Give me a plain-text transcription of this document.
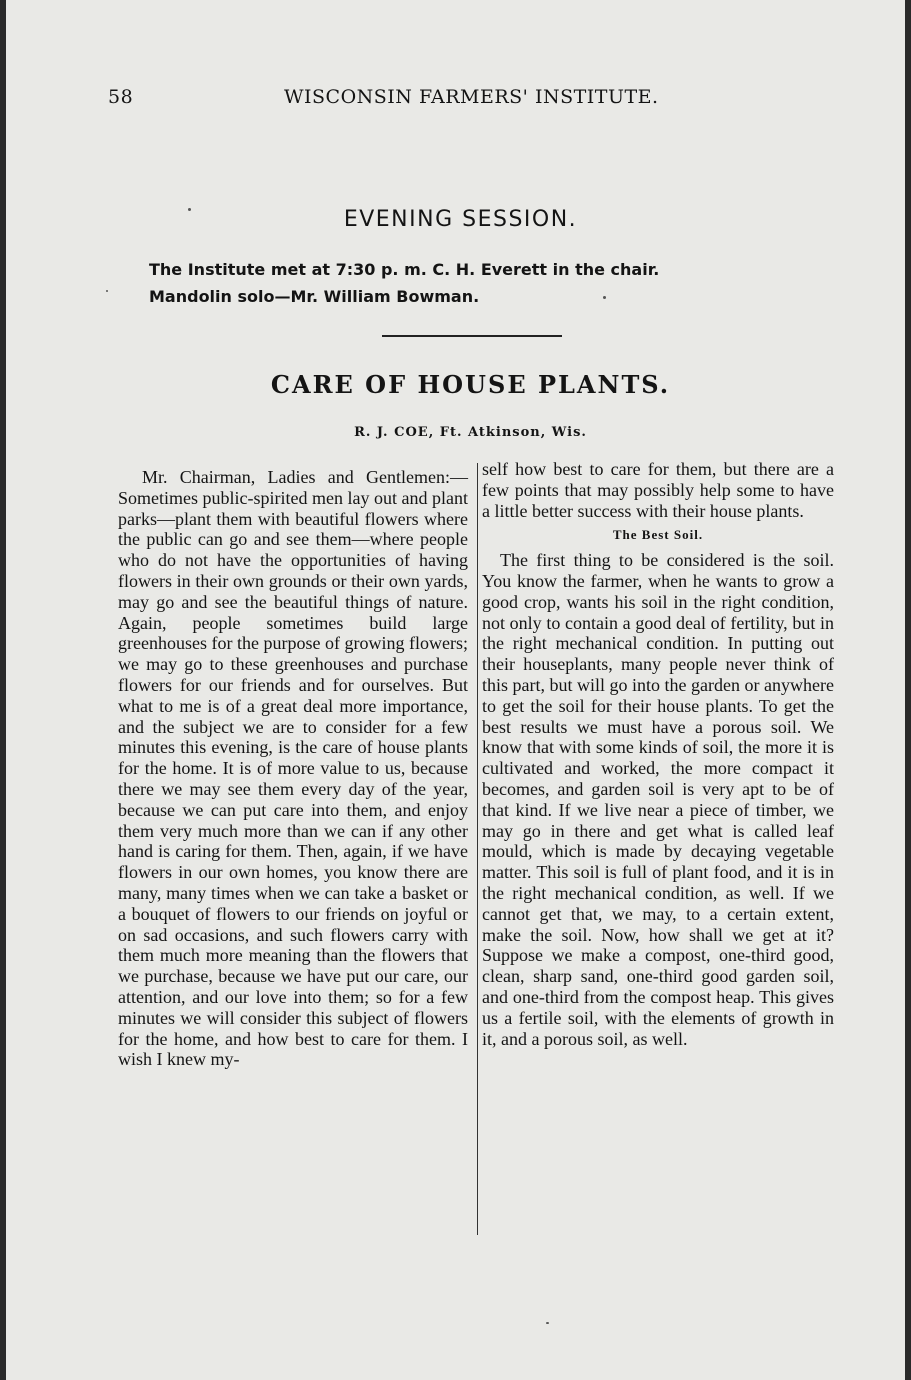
58	WISCONSIN FARMERS' INSTITUTE.
EVENING SESSION.
The Institute met at 7:30 p. m. C. H. Everett in the chair.
Mandolin solo—Mr. William Bowman.
CARE OF HOUSE PLANTS.
R. J. COE, Ft. Atkinson, Wis.

Mr. Chairman, Ladies and Gentlemen:—Sometimes public-spirited men lay out and plant parks—plant them with beautiful flowers where the public can go and see them—where people who do not have the opportunities of having flowers in their own grounds or their own yards, may go and see the beautiful things of nature. Again, people sometimes build large greenhouses for the purpose of growing flowers; we may go to these greenhouses and purchase flowers for our friends and for ourselves. But what to me is of a great deal more importance, and the subject we are to consider for a few minutes this evening, is the care of house plants for the home. It is of more value to us, because there we may see them every day of the year, because we can put care into them, and enjoy them very much more than we can if any other hand is caring for them. Then, again, if we have flowers in our own homes, you know there are many, many times when we can take a basket or a bouquet of flowers to our friends on joyful or on sad occasions, and such flowers carry with them much more meaning than the flowers that we purchase, because we have put our care, our attention, and our love into them; so for a few minutes we will consider this subject of flowers for the home, and how best to care for them. I wish I knew my-

self how best to care for them, but there are a few points that may possibly help some to have a little better success with their house plants.

The Best Soil.

The first thing to be considered is the soil. You know the farmer, when he wants to grow a good crop, wants his soil in the right condition, not only to contain a good deal of fertility, but in the right mechanical condition. In putting out their houseplants, many people never think of this part, but will go into the garden or anywhere to get the soil for their house plants. To get the best results we must have a porous soil. We know that with some kinds of soil, the more it is cultivated and worked, the more compact it becomes, and garden soil is very apt to be of that kind. If we live near a piece of timber, we may go in there and get what is called leaf mould, which is made by decaying vegetable matter. This soil is full of plant food, and it is in the right mechanical condition, as well. If we cannot get that, we may, to a certain extent, make the soil. Now, how shall we get at it? Suppose we make a compost, one-third good, clean, sharp sand, one-third good garden soil, and one-third from the compost heap. This gives us a fertile soil, with the elements of growth in it, and a porous soil, as well.
